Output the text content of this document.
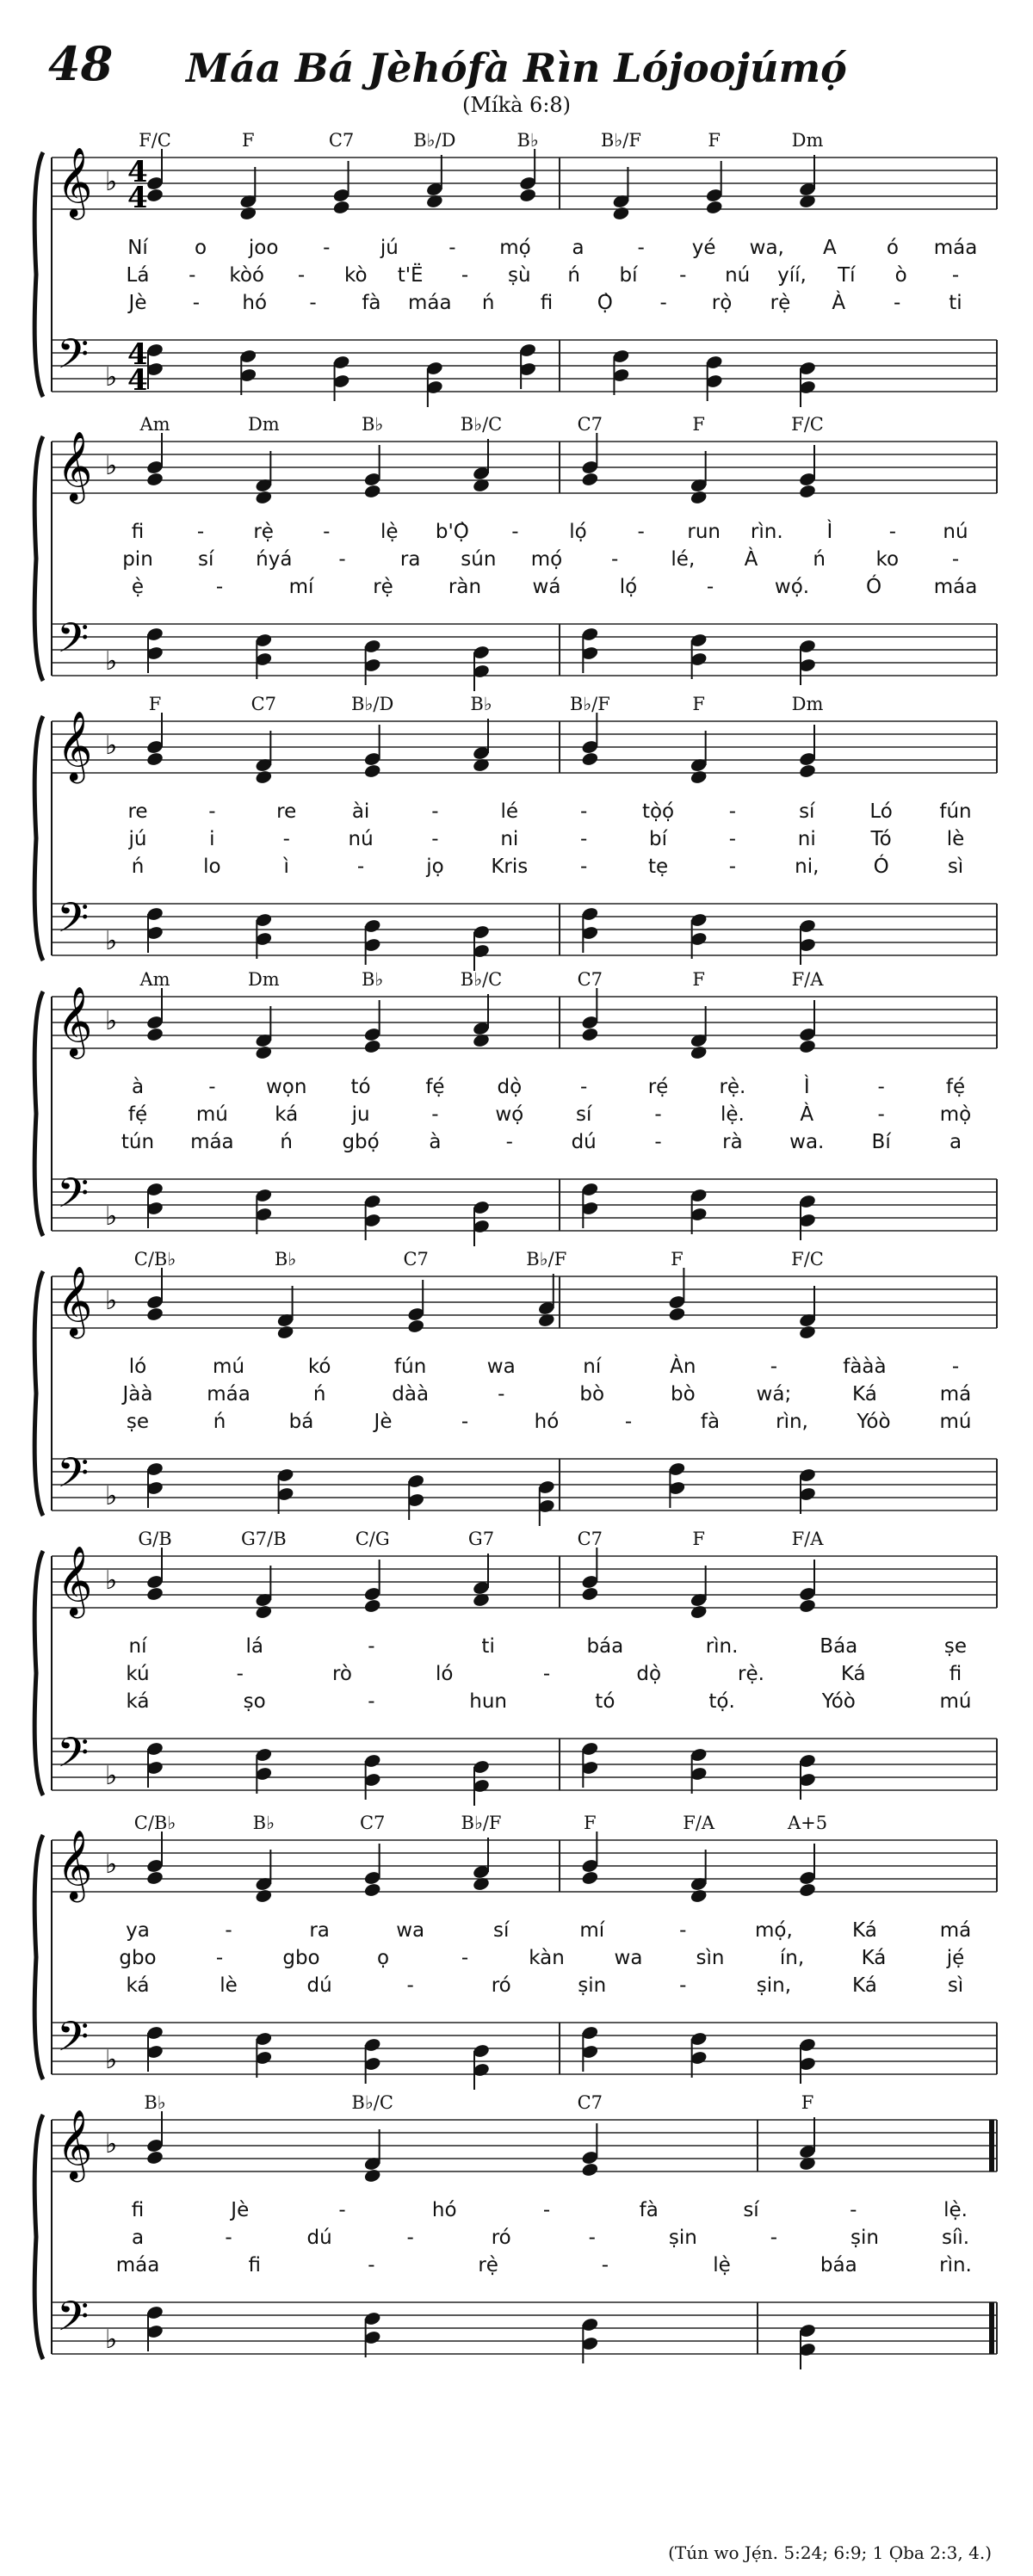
48	Máa Bá Jèhófà Rìn Lójoojúmọ́
(Míkà 6:8)
𝄞
𝄢
♭
♭
4
4
4
4
F/C	F	C7	B♭/D	B♭	B♭/F	F	Dm
Ní o joo -	jú	- mọ́ a	- yé wa, A	ó máa
Lá - kòó - kò t'Ë - ṣù ń bí - nú yíí, Tí ò -
Jè - hó - fà máa ń fi Ọ̀ - rọ̀ rẹ̀ À - ti
𝄞
𝄢
♭
♭
Am	Dm	B♭	B♭/C	C7	F	F/C
fi	- rẹ̀ -	lẹ̀ b'Ọ̀ -	lọ́	- run rìn. Ì	- nú
pin sí ńyá -	ra sún mọ́ -	lé, À	ń	ko	-
ẹ̀	-	mí	rẹ̀	ràn	wá	lọ́	-	wọ́.	Ó	máa
𝄞
𝄢
♭
♭
F	C7	B♭/D	B♭	B♭/F	F	Dm
re	-	re	ài	-	lé	-	tọ̀ọ́	-	sí	Ló fún
jú	i	-	nú	-	ni	-	bí	-	ni	Tó	lè
ń	lo	ì	-	jọ Kris	-	tẹ	-	ni,	Ó	sì
𝄞
𝄢
♭
♭
Am	Dm	B♭	B♭/C	C7	F	F/A
à	-	wọn tó	fẹ́	dọ̀	-	rẹ́	rẹ̀.	Ì	-	fẹ́
fẹ́ mú ká	ju	-	wọ́	sí	-	lẹ̀.	À	-	mọ̀
tún máa ń gbọ́	à	-	dú	-	rà wa. Bí	a
𝄞
𝄢
♭
♭
C/B♭	B♭	C7	B♭/F	F	F/C
ló	mú	kó	fún	wa	ní	Àn	-	fààà	-
Jàà	máa	ń	dàà	-	bò	bò	wá;	Ká	má
ṣe	ń	bá	Jè	-	hó	-	fà	rìn, Yóò mú
𝄞
𝄢
♭
♭
G/B	G7/B	C/G	G7	C7	F	F/A
ní	lá	-	ti	báa	rìn.	Báa	ṣe
kú	-	rò	ló	-	dọ̀	rẹ̀.	Ká	fi
ká	ṣo	-	hun	tó	tọ́.	Yóò	mú
𝄞
𝄢
♭
♭
C/B♭	B♭	C7	B♭/F	F	F/A	A+5
ya	-	ra	wa	sí	mí	-	mọ́,	Ká	má
gbo	-	gbo	ọ	-	kàn	wa	sìn	ín,	Ká	jẹ́
ká	lè	dú	-	ró	ṣin	-	ṣin,	Ká	sì
𝄞
𝄢
♭
♭
B♭	B♭/C	C7	F
fi	Jè	-	hó	-	fà	sí	-	lẹ̀.
a	-	dú	-	ró	-	ṣin	-	ṣin	síì.
máa	fi	-	rẹ̀	-	lẹ̀	báa	rìn.
(Tún wo Jẹ́n. 5:24; 6:9; 1 Ọba 2:3, 4.)
